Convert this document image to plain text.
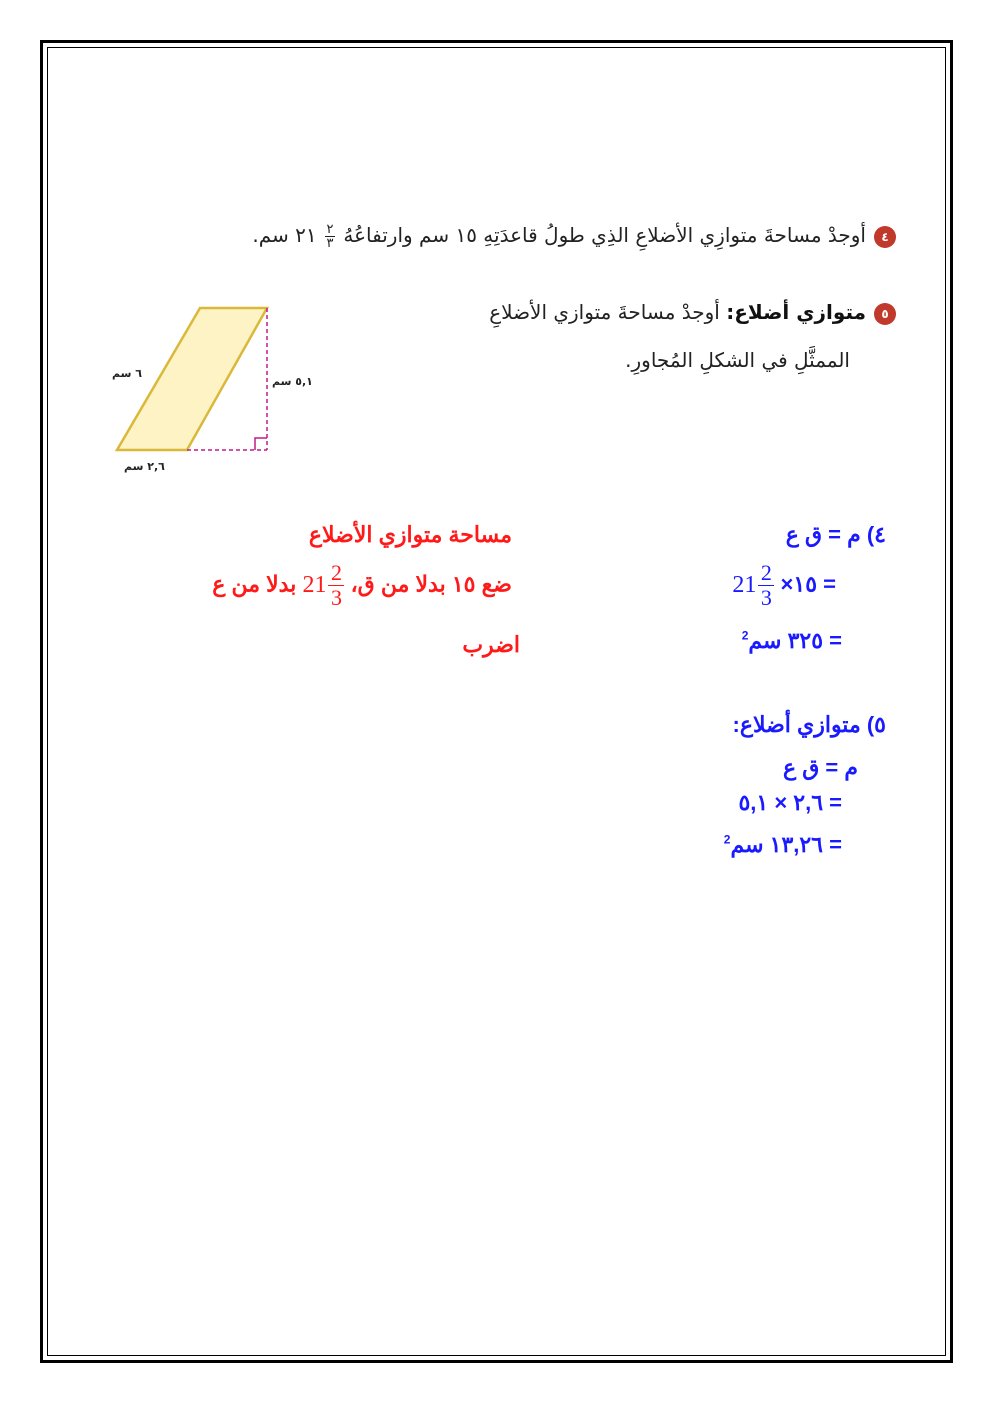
٤أوجدْ مساحةَ متوازِي الأضلاعِ الذِي طولُ قاعدَتِهِ ١٥ سم وارتفاعُهُ
$\frac{٢}{٣}$
٢١ سم.
٥متوازي أضلاع: أوجدْ مساحةَ متوازي الأضلاعِ
الممثَّلِ في الشكلِ المُجاورِ.
٦ سم
٥,١ سم
٢,٦ سم
٤) م = ق ع
= ١٥×
21 2
3
= ٣٢٥ سم$^2$
مساحة متوازي الأضلاع
ضع ١٥ بدلا من ق،
21 2
3
بدلا من ع
اضرب
٥) متوازي أضلاع:
م = ق ع
= ٢,٦ × ٥,١
= ١٣,٢٦ سم$^2$
